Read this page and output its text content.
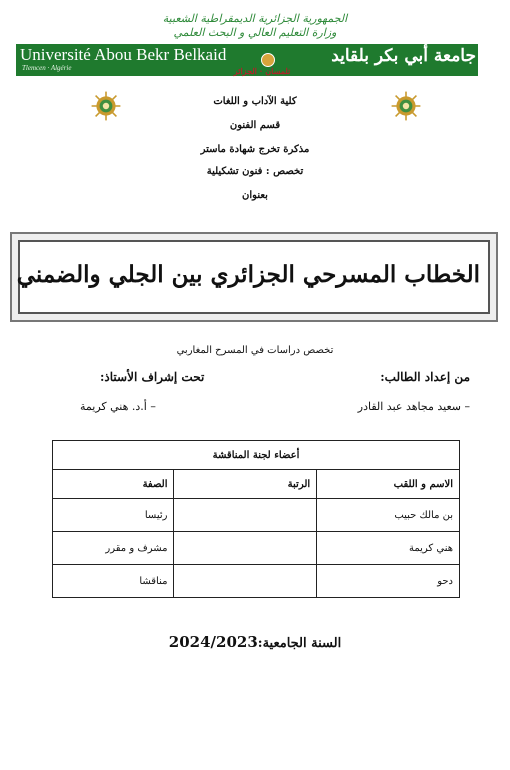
الجمهورية الجزائرية الديمقراطية الشعبية
وزارة التعليم العالي و البحث العلمي
Université Abou Bekr Belkaid
Tlemcen · Algérie
جامعة أبي بكر بلقايد
تلمسان · الجزائر
كلية الآداب و اللغات
قسم الفنون
مذكرة تخرج شهادة ماستر
تخصص : فنون تشكيلية
بعنوان
الخطاب المسرحي الجزائري بين الجلي والضمني
تخصص دراسات في المسرح المغاربي
من إعداد الطالب:
تحت إشراف الأستاذ:
– سعيد مجاهد عبد القادر
– أ.د. هني كريمة
أعضاء لجنة المناقشة		
الاسم و اللقب	الرتبة	الصفة
بن مالك حبيب		رئيسا
هني كريمة		مشرف و مقرر
دحو		مناقشا
السنة الجامعية:2024/2023
